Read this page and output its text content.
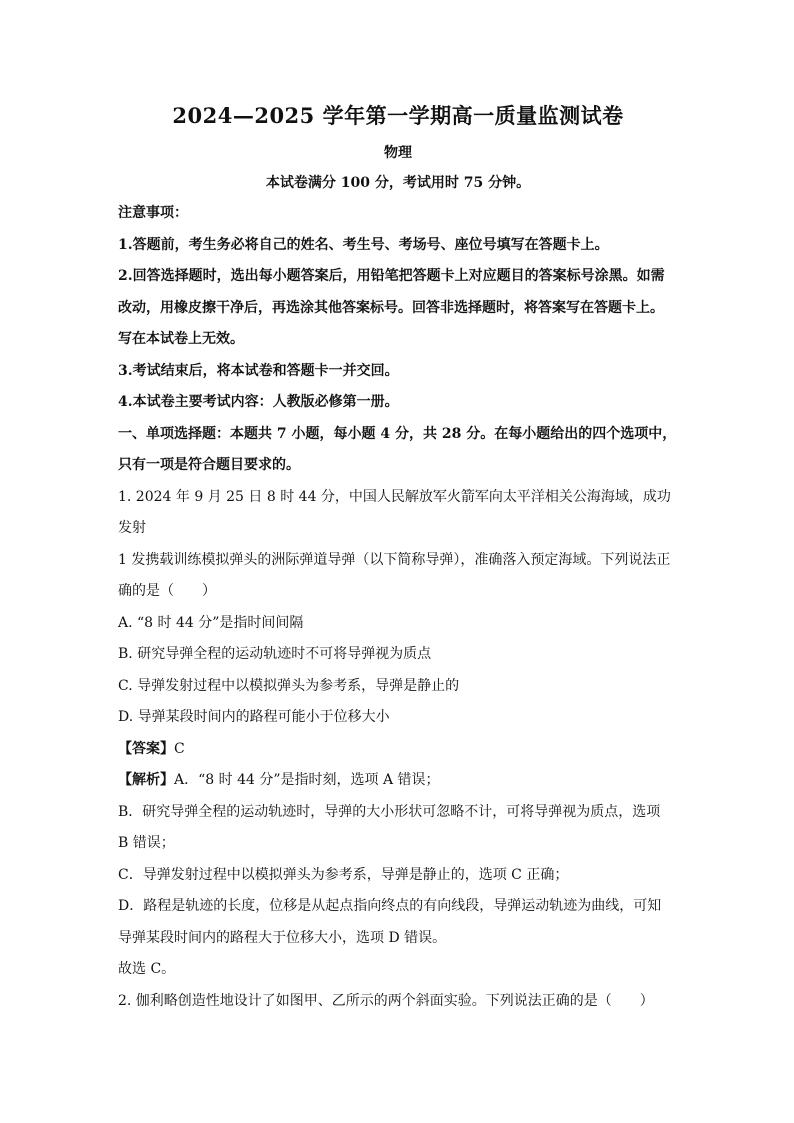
2024—2025 学年第一学期高一质量监测试卷
物理
本试卷满分 100 分，考试用时 75 分钟。

注意事项：

1.答题前，考生务必将自己的姓名、考生号、考场号、座位号填写在答题卡上。

2.回答选择题时，选出每小题答案后，用铅笔把答题卡上对应题目的答案标号涂黑。如需

改动，用橡皮擦干净后，再选涂其他答案标号。回答非选择题时，将答案写在答题卡上。

写在本试卷上无效。

3.考试结束后，将本试卷和答题卡一并交回。

4.本试卷主要考试内容：人教版必修第一册。

一、单项选择题：本题共 7 小题，每小题 4 分，共 28 分。在每小题给出的四个选项中，

只有一项是符合题目要求的。

1. 2024 年 9 月 25 日 8 时 44 分，中国人民解放军火箭军向太平洋相关公海海域，成功发射

1 发携载训练模拟弹头的洲际弹道导弹（以下简称导弹），准确落入预定海域。下列说法正

确的是（　　）

A. “8 时 44 分”是指时间间隔

B. 研究导弹全程的运动轨迹时不可将导弹视为质点

C. 导弹发射过程中以模拟弹头为参考系，导弹是静止的

D. 导弹某段时间内的路程可能小于位移大小

【答案】C

【解析】A．“8 时 44 分”是指时刻，选项 A 错误；

B．研究导弹全程的运动轨迹时，导弹的大小形状可忽略不计，可将导弹视为质点，选项

B 错误；

C．导弹发射过程中以模拟弹头为参考系，导弹是静止的，选项 C 正确；

D．路程是轨迹的长度，位移是从起点指向终点的有向线段，导弹运动轨迹为曲线，可知

导弹某段时间内的路程大于位移大小，选项 D 错误。

故选 C。

2. 伽利略创造性地设计了如图甲、乙所示的两个斜面实验。下列说法正确的是（　　）
